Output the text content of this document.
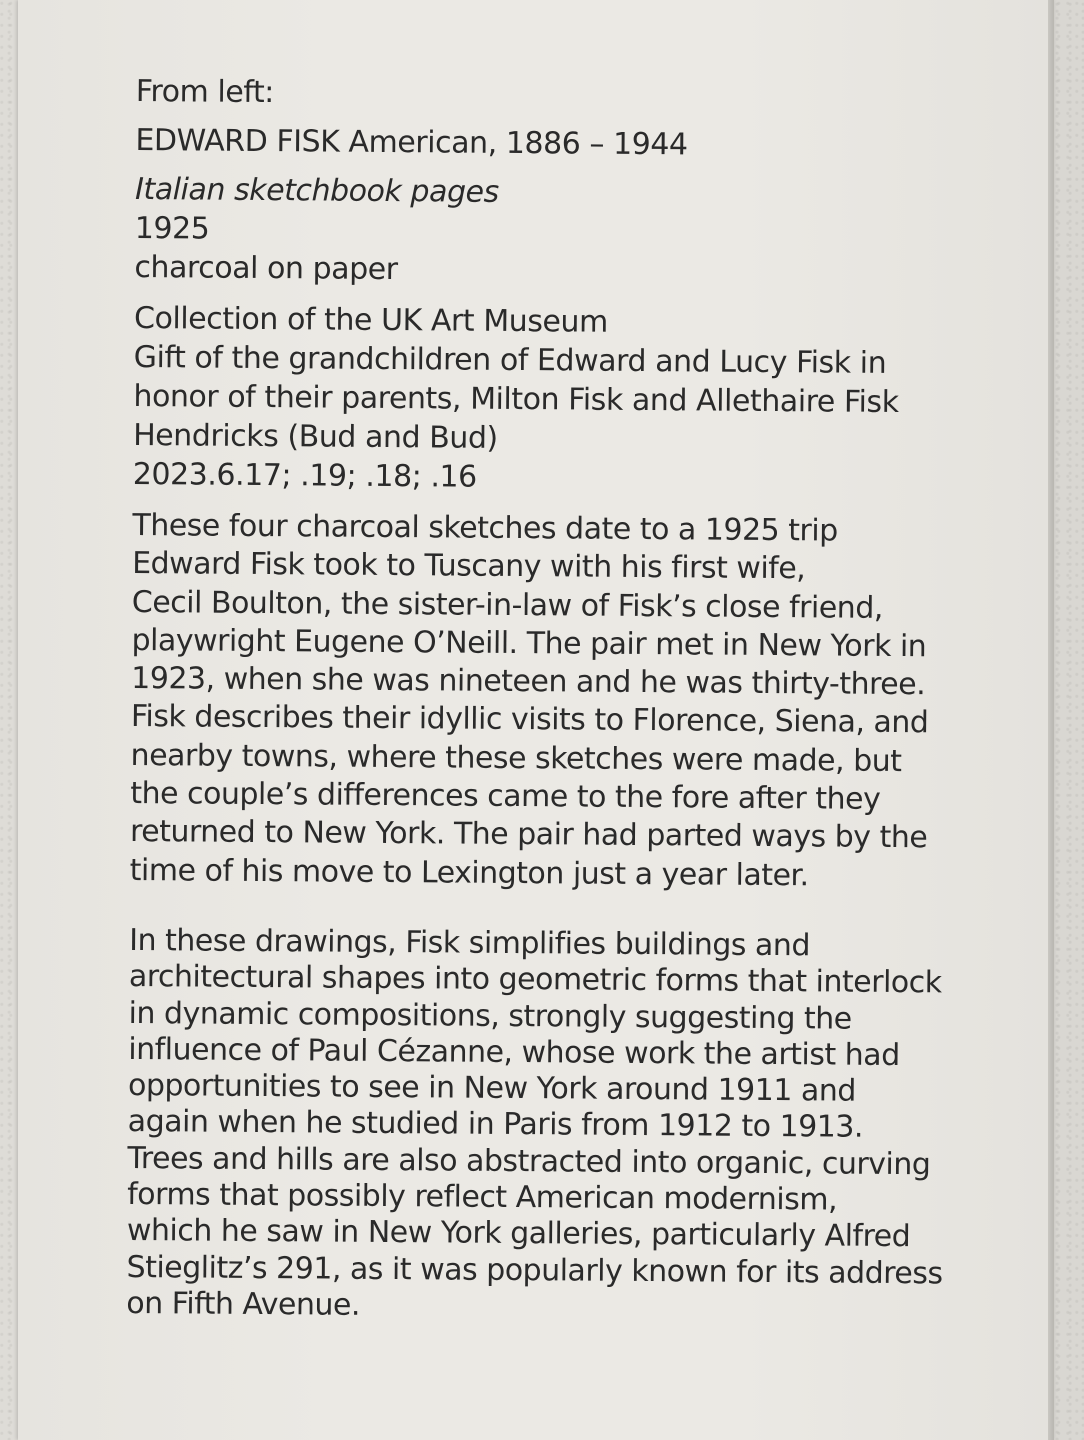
From left:

EDWARD FISK American, 1886 – 1944

Italian sketchbook pages

1925

charcoal on paper

Collection of the UK Art Museum

Gift of the grandchildren of Edward and Lucy Fisk in

honor of their parents, Milton Fisk and Allethaire Fisk

Hendricks (Bud and Bud)

2023.6.17; .19; .18; .16

These four charcoal sketches date to a 1925 trip

Edward Fisk took to Tuscany with his first wife,

Cecil Boulton, the sister-in-law of Fisk’s close friend,

playwright Eugene O’Neill. The pair met in New York in

1923, when she was nineteen and he was thirty-three.

Fisk describes their idyllic visits to Florence, Siena, and

nearby towns, where these sketches were made, but

the couple’s differences came to the fore after they

returned to New York. The pair had parted ways by the

time of his move to Lexington just a year later.

In these drawings, Fisk simplifies buildings and

architectural shapes into geometric forms that interlock

in dynamic compositions, strongly suggesting the

influence of Paul Cézanne, whose work the artist had

opportunities to see in New York around 1911 and

again when he studied in Paris from 1912 to 1913.

Trees and hills are also abstracted into organic, curving

forms that possibly reflect American modernism,

which he saw in New York galleries, particularly Alfred

Stieglitz’s 291, as it was popularly known for its address

on Fifth Avenue.
